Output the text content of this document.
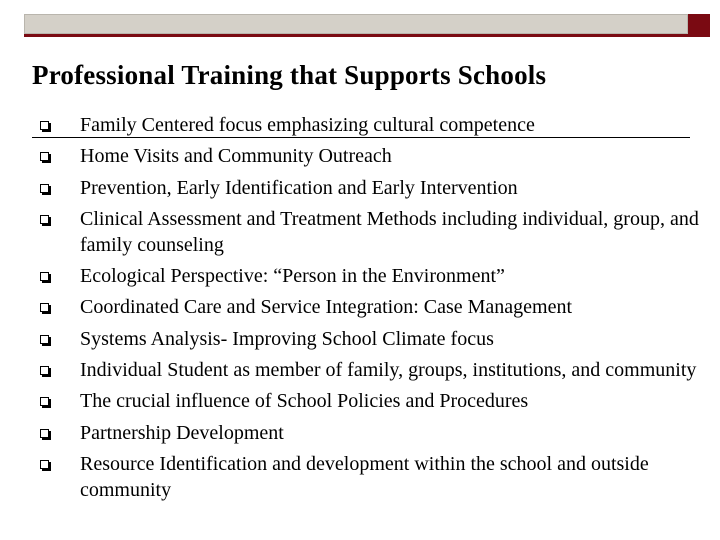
Professional Training that Supports Schools
Family Centered focus emphasizing cultural competence
Home Visits and Community Outreach
Prevention, Early Identification and Early Intervention
Clinical Assessment and Treatment Methods including individual, group, and family counseling
Ecological Perspective: “Person in the Environment”
Coordinated Care and Service Integration: Case Management
Systems Analysis- Improving School Climate focus
Individual Student as member of family, groups, institutions, and community
The crucial influence of School Policies and Procedures
Partnership Development
Resource Identification and development within the school and outside community
